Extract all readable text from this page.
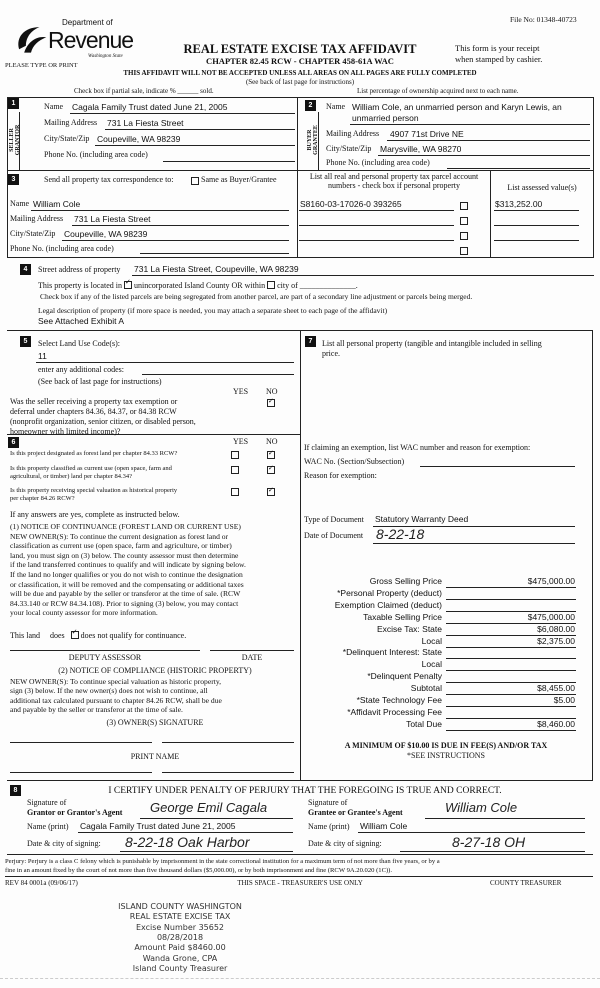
File No: 01348-40723
Department of
Revenue
Washington State
PLEASE TYPE OR PRINT
REAL ESTATE EXCISE TAX AFFIDAVIT
CHAPTER 82.45 RCW - CHAPTER 458-61A WAC
This form is your receipt
when stamped by cashier.
THIS AFFIDAVIT WILL NOT BE ACCEPTED UNLESS ALL AREAS ON ALL PAGES ARE FULLY COMPLETED
(See back of last page for instructions)
Check box if partial sale, indicate % ______ sold.	List percentage of ownership acquired next to each name.
1
SELLER GRANTOR
Name Cagala Family Trust dated June 21, 2005
Mailing Address 731 La Fiesta Street
City/State/Zip Coupeville, WA 98239
Phone No. (including area code)
2
BUYER GRANTEE
Name William Cole, an unmarried person and Karyn Lewis, an
unmarried person
Mailing Address 4907 71st Drive NE
City/State/Zip Marysville, WA 98270
Phone No. (including area code)
3	Send all property tax correspondence to:	Same as Buyer/Grantee
Name William Cole
Mailing Address 731 La Fiesta Street
City/State/Zip Coupeville, WA 98239
Phone No. (including area code)
List all real and personal property tax parcel account
numbers - check box if personal property	List assessed value(s)
S8160-03-17026-0 393265	$313,252.00
4	Street address of property 731 La Fiesta Street, Coupeville, WA 98239
This property is located in ✓ unincorporated Island County OR within city of ______________.
Check box if any of the listed parcels are being segregated from another parcel, are part of a secondary line adjustment or parcels being merged.
Legal description of property (if more space is needed, you may attach a separate sheet to each page of the affidavit)
See Attached Exhibit A
5	Select Land Use Code(s):
11
enter any additional codes:
(See back of last page for instructions)
YES NO
✓
Was the seller receiving a property tax exemption or
deferral under chapters 84.36, 84.37, or 84.38 RCW
(nonprofit organization, senior citizen, or disabled person,
homeowner with limited income)?
6	YES NO
Is this project designated as forest land per chapter 84.33 RCW?
✓
Is this property classified as current use (open space, farm and
agricultural, or timber) land per chapter 84.34?
✓
Is this property receiving special valuation as historical property
per chapter 84.26 RCW?
✓
If any answers are yes, complete as instructed below.
(1) NOTICE OF CONTINUANCE (FOREST LAND OR CURRENT USE)
NEW OWNER(S): To continue the current designation as forest land or
classification as current use (open space, farm and agriculture, or timber)
land, you must sign on (3) below. The county assessor must then determine
if the land transferred continues to qualify and will indicate by signing below.
If the land no longer qualifies or you do not wish to continue the designation
or classification, it will be removed and the compensating or additional taxes
will be due and payable by the seller or transferor at the time of sale. (RCW
84.33.140 or RCW 84.34.108). Prior to signing (3) below, you may contact
your local county assessor for more information.
This land does ✓ does not qualify for continuance.
DEPUTY ASSESSOR	DATE
(2) NOTICE OF COMPLIANCE (HISTORIC PROPERTY)
NEW OWNER(S): To continue special valuation as historic property,
sign (3) below. If the new owner(s) does not wish to continue, all
additional tax calculated pursuant to chapter 84.26 RCW, shall be due
and payable by the seller or transferor at the time of sale.
(3) OWNER(S) SIGNATURE
PRINT NAME
7	List all personal property (tangible and intangible included in selling
price.
If claiming an exemption, list WAC number and reason for exemption:
WAC No. (Section/Subsection)
Reason for exemption:
Type of Document Statutory Warranty Deed
Date of Document 8-22-18
Gross Selling Price	$475,000.00
*Personal Property (deduct)
Exemption Claimed (deduct)
Taxable Selling Price	$475,000.00
Excise Tax: State	$6,080.00
Local	$2,375.00
*Delinquent Interest: State
Local
*Delinquent Penalty
Subtotal	$8,455.00
*State Technology Fee	$5.00
*Affidavit Processing Fee
Total Due	$8,460.00
A MINIMUM OF $10.00 IS DUE IN FEE(S) AND/OR TAX
*SEE INSTRUCTIONS
8	I CERTIFY UNDER PENALTY OF PERJURY THAT THE FOREGOING IS TRUE AND CORRECT.
Signature of
Grantor or Grantor's Agent George Emil Cagala	Signature of
Grantee or Grantee's Agent	William Cole
Name (print) Cagala Family Trust dated June 21, 2005	Name (print) William Cole
Date & city of signing: 8-22-18 Oak Harbor	Date & city of signing:	8-27-18 OH
Perjury: Perjury is a class C felony which is punishable by imprisonment in the state correctional institution for a maximum term of not more than five years, or by a
fine in an amount fixed by the court of not more than five thousand dollars ($5,000.00), or by both imprisonment and fine (RCW 9A.20.020 (1C)).
REV 84 0001a (09/06/17)	THIS SPACE - TREASURER'S USE ONLY	COUNTY TREASURER
ISLAND COUNTY WASHINGTON
REAL ESTATE EXCISE TAX
Excise Number 35652
08/28/2018
Amount Paid $8460.00
Wanda Grone, CPA
Island County Treasurer
